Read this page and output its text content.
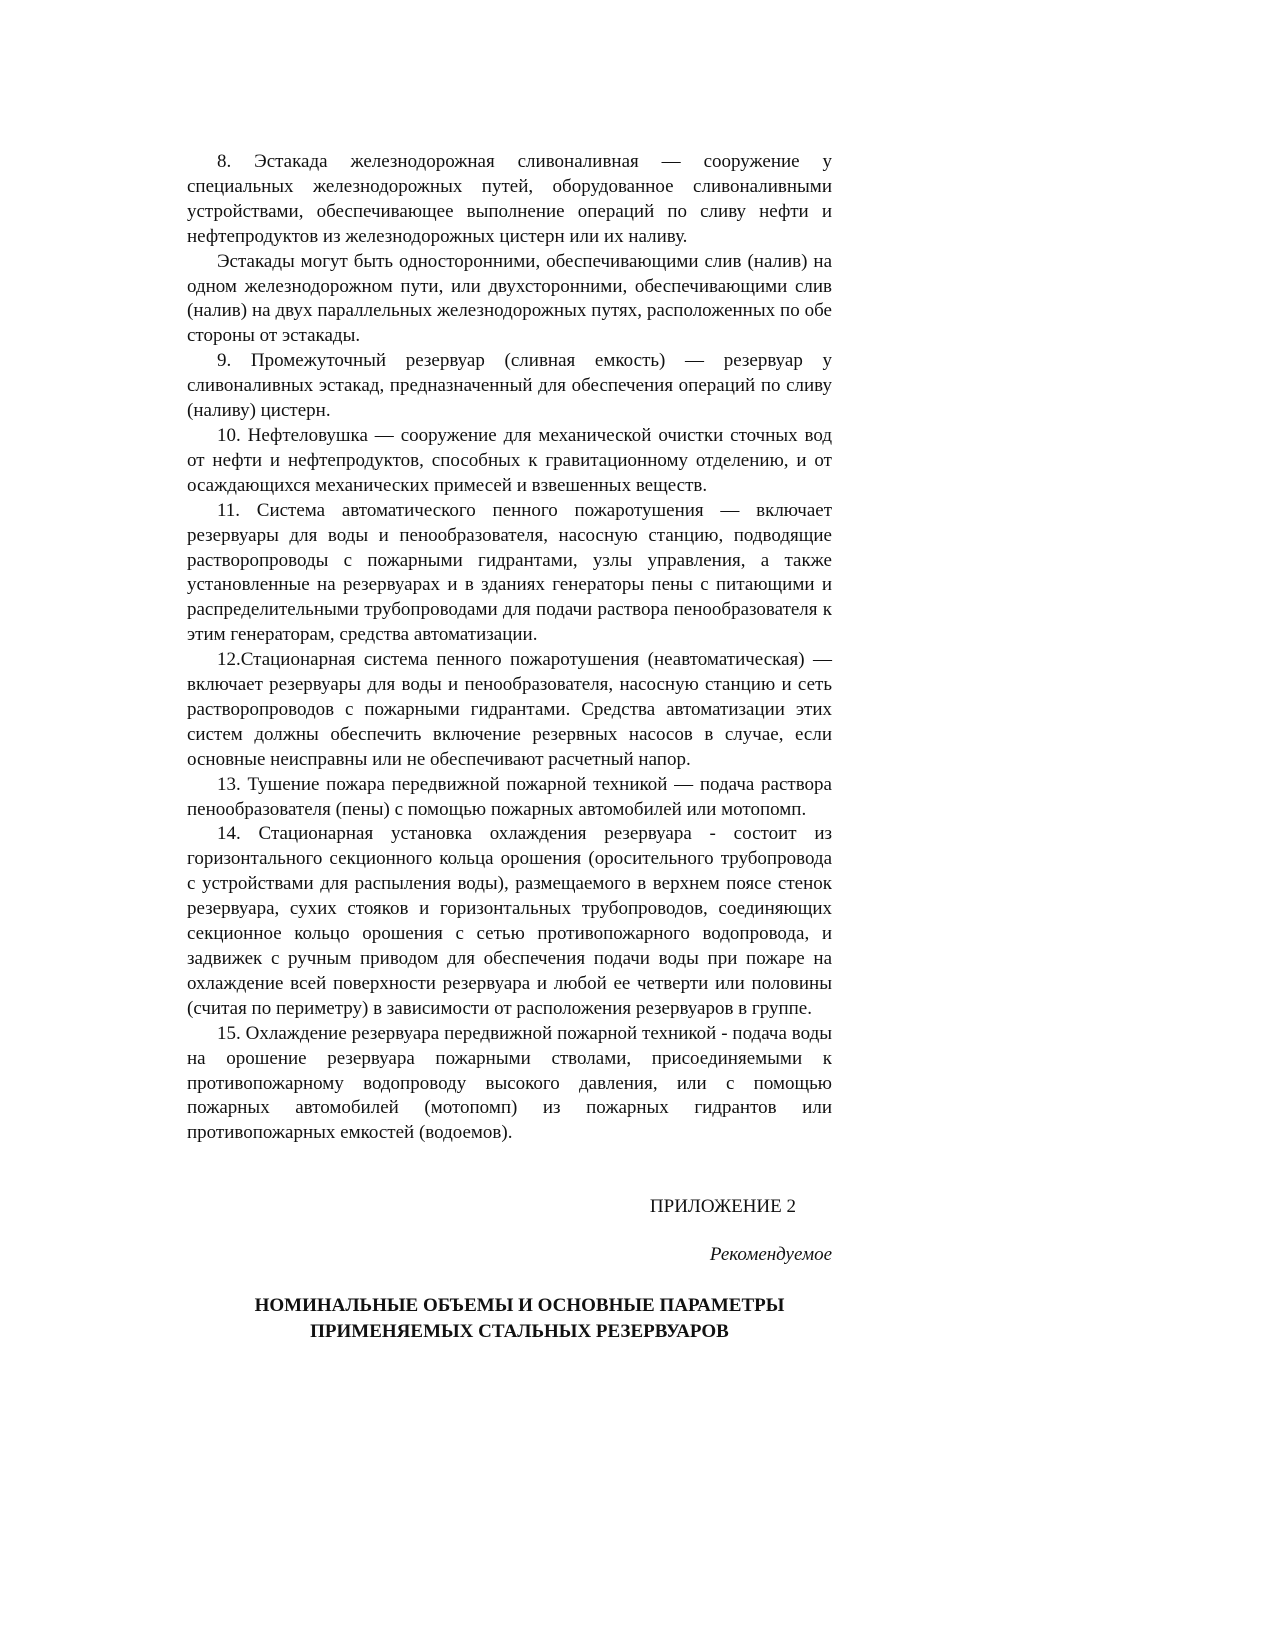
8. Эстакада железнодорожная сливоналивная — сооружение у специальных железнодорожных путей, оборудованное сливоналивными устройствами, обеспечивающее выполнение операций по сливу нефти и нефтепродуктов из железнодорожных цистерн или их наливу.

Эстакады могут быть односторонними, обеспечивающими слив (налив) на одном железнодорожном пути, или двухсторонними, обеспечивающими слив (налив) на двух параллельных железнодорожных путях, расположенных по обе стороны от эстакады.

9. Промежуточный резервуар (сливная емкость) — резервуар у сливоналивных эстакад, предназначенный для обеспечения операций по сливу (наливу) цистерн.

10. Нефтеловушка — сооружение для механической очистки сточных вод от нефти и нефтепродуктов, способных к гравитационному отделению, и от осаждающихся механических примесей и взвешенных веществ.

11. Система автоматического пенного пожаротушения — включает резервуары для воды и пенообразователя, насосную станцию, подводящие растворопроводы с пожарными гидрантами, узлы управления, а также установленные на резервуарах и в зданиях генераторы пены с питающими и распределительными трубопроводами для подачи раствора пенообразователя к этим генераторам, средства автоматизации.

12.Стационарная система пенного пожаротушения (неавтоматическая) — включает резервуары для воды и пенообразователя, насосную станцию и сеть растворопроводов с пожарными гидрантами. Средства автоматизации этих систем должны обеспечить включение резервных насосов в случае, если основные неисправны или не обеспечивают расчетный напор.

13. Тушение пожара передвижной пожарной техникой — подача раствора пенообразователя (пены) с помощью пожарных автомобилей или мотопомп.

14. Стационарная установка охлаждения резервуара - состоит из горизонтального секционного кольца орошения (оросительного трубопровода с устройствами для распыления воды), размещаемого в верхнем поясе стенок резервуара, сухих стояков и горизонтальных трубопроводов, соединяющих секционное кольцо орошения с сетью противопожарного водопровода, и задвижек с ручным приводом для обеспечения подачи воды при пожаре на охлаждение всей поверхности резервуара и любой ее четверти или половины (считая по периметру) в зависимости от расположения резервуаров в группе.

15. Охлаждение резервуара передвижной пожарной техникой - подача воды на орошение резервуара пожарными стволами, присоединяемыми к противопожарному водопроводу высокого давления, или с помощью пожарных автомобилей (мотопомп) из пожарных гидрантов или противопожарных емкостей (водоемов).

ПРИЛОЖЕНИЕ 2

Рекомендуемое

НОМИНАЛЬНЫЕ ОБЪЕМЫ И ОСНОВНЫЕ ПАРАМЕТРЫ
ПРИМЕНЯЕМЫХ СТАЛЬНЫХ РЕЗЕРВУАРОВ
